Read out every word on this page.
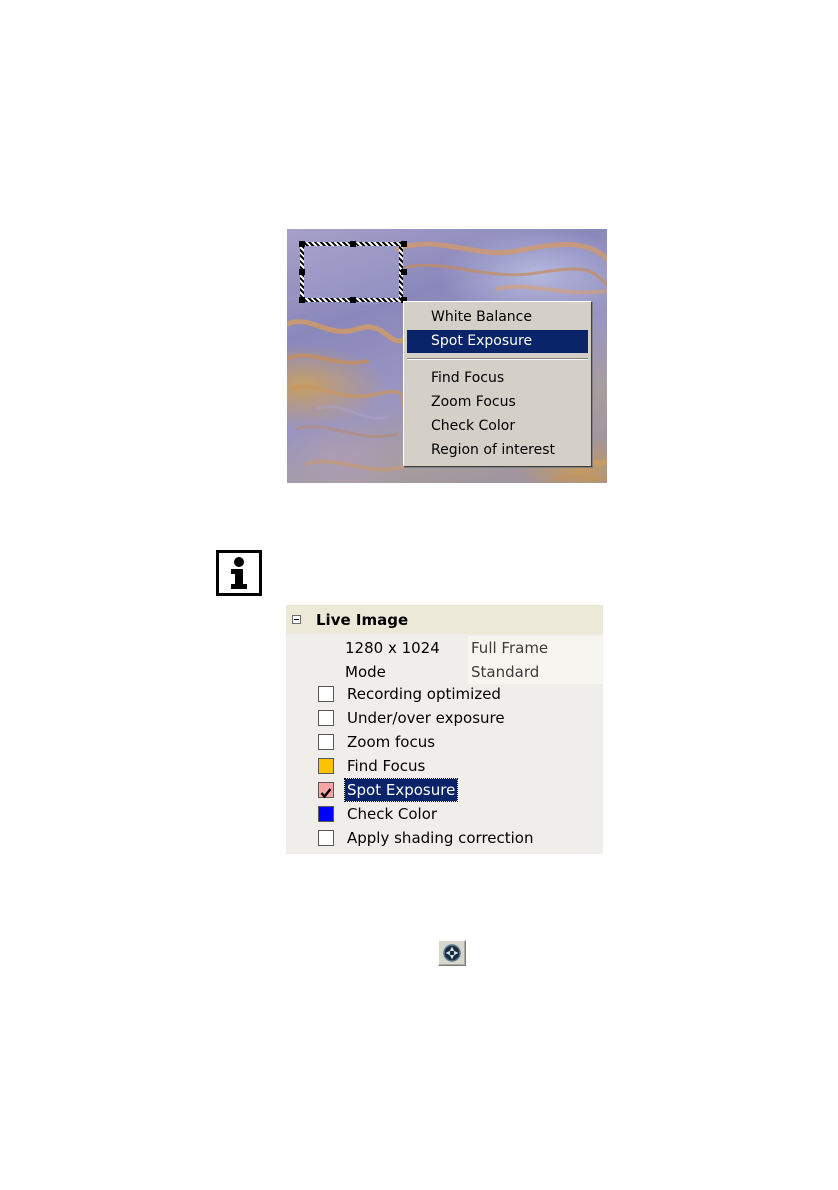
White Balance
Spot Exposure
Find Focus
Zoom Focus
Check Color
Region of interest
Live Image
1280 x 1024 Full Frame
Mode	Standard
Recording optimized
Under/over exposure
Zoom focus
Find Focus
Spot Exposure
Check Color
Apply shading correction
